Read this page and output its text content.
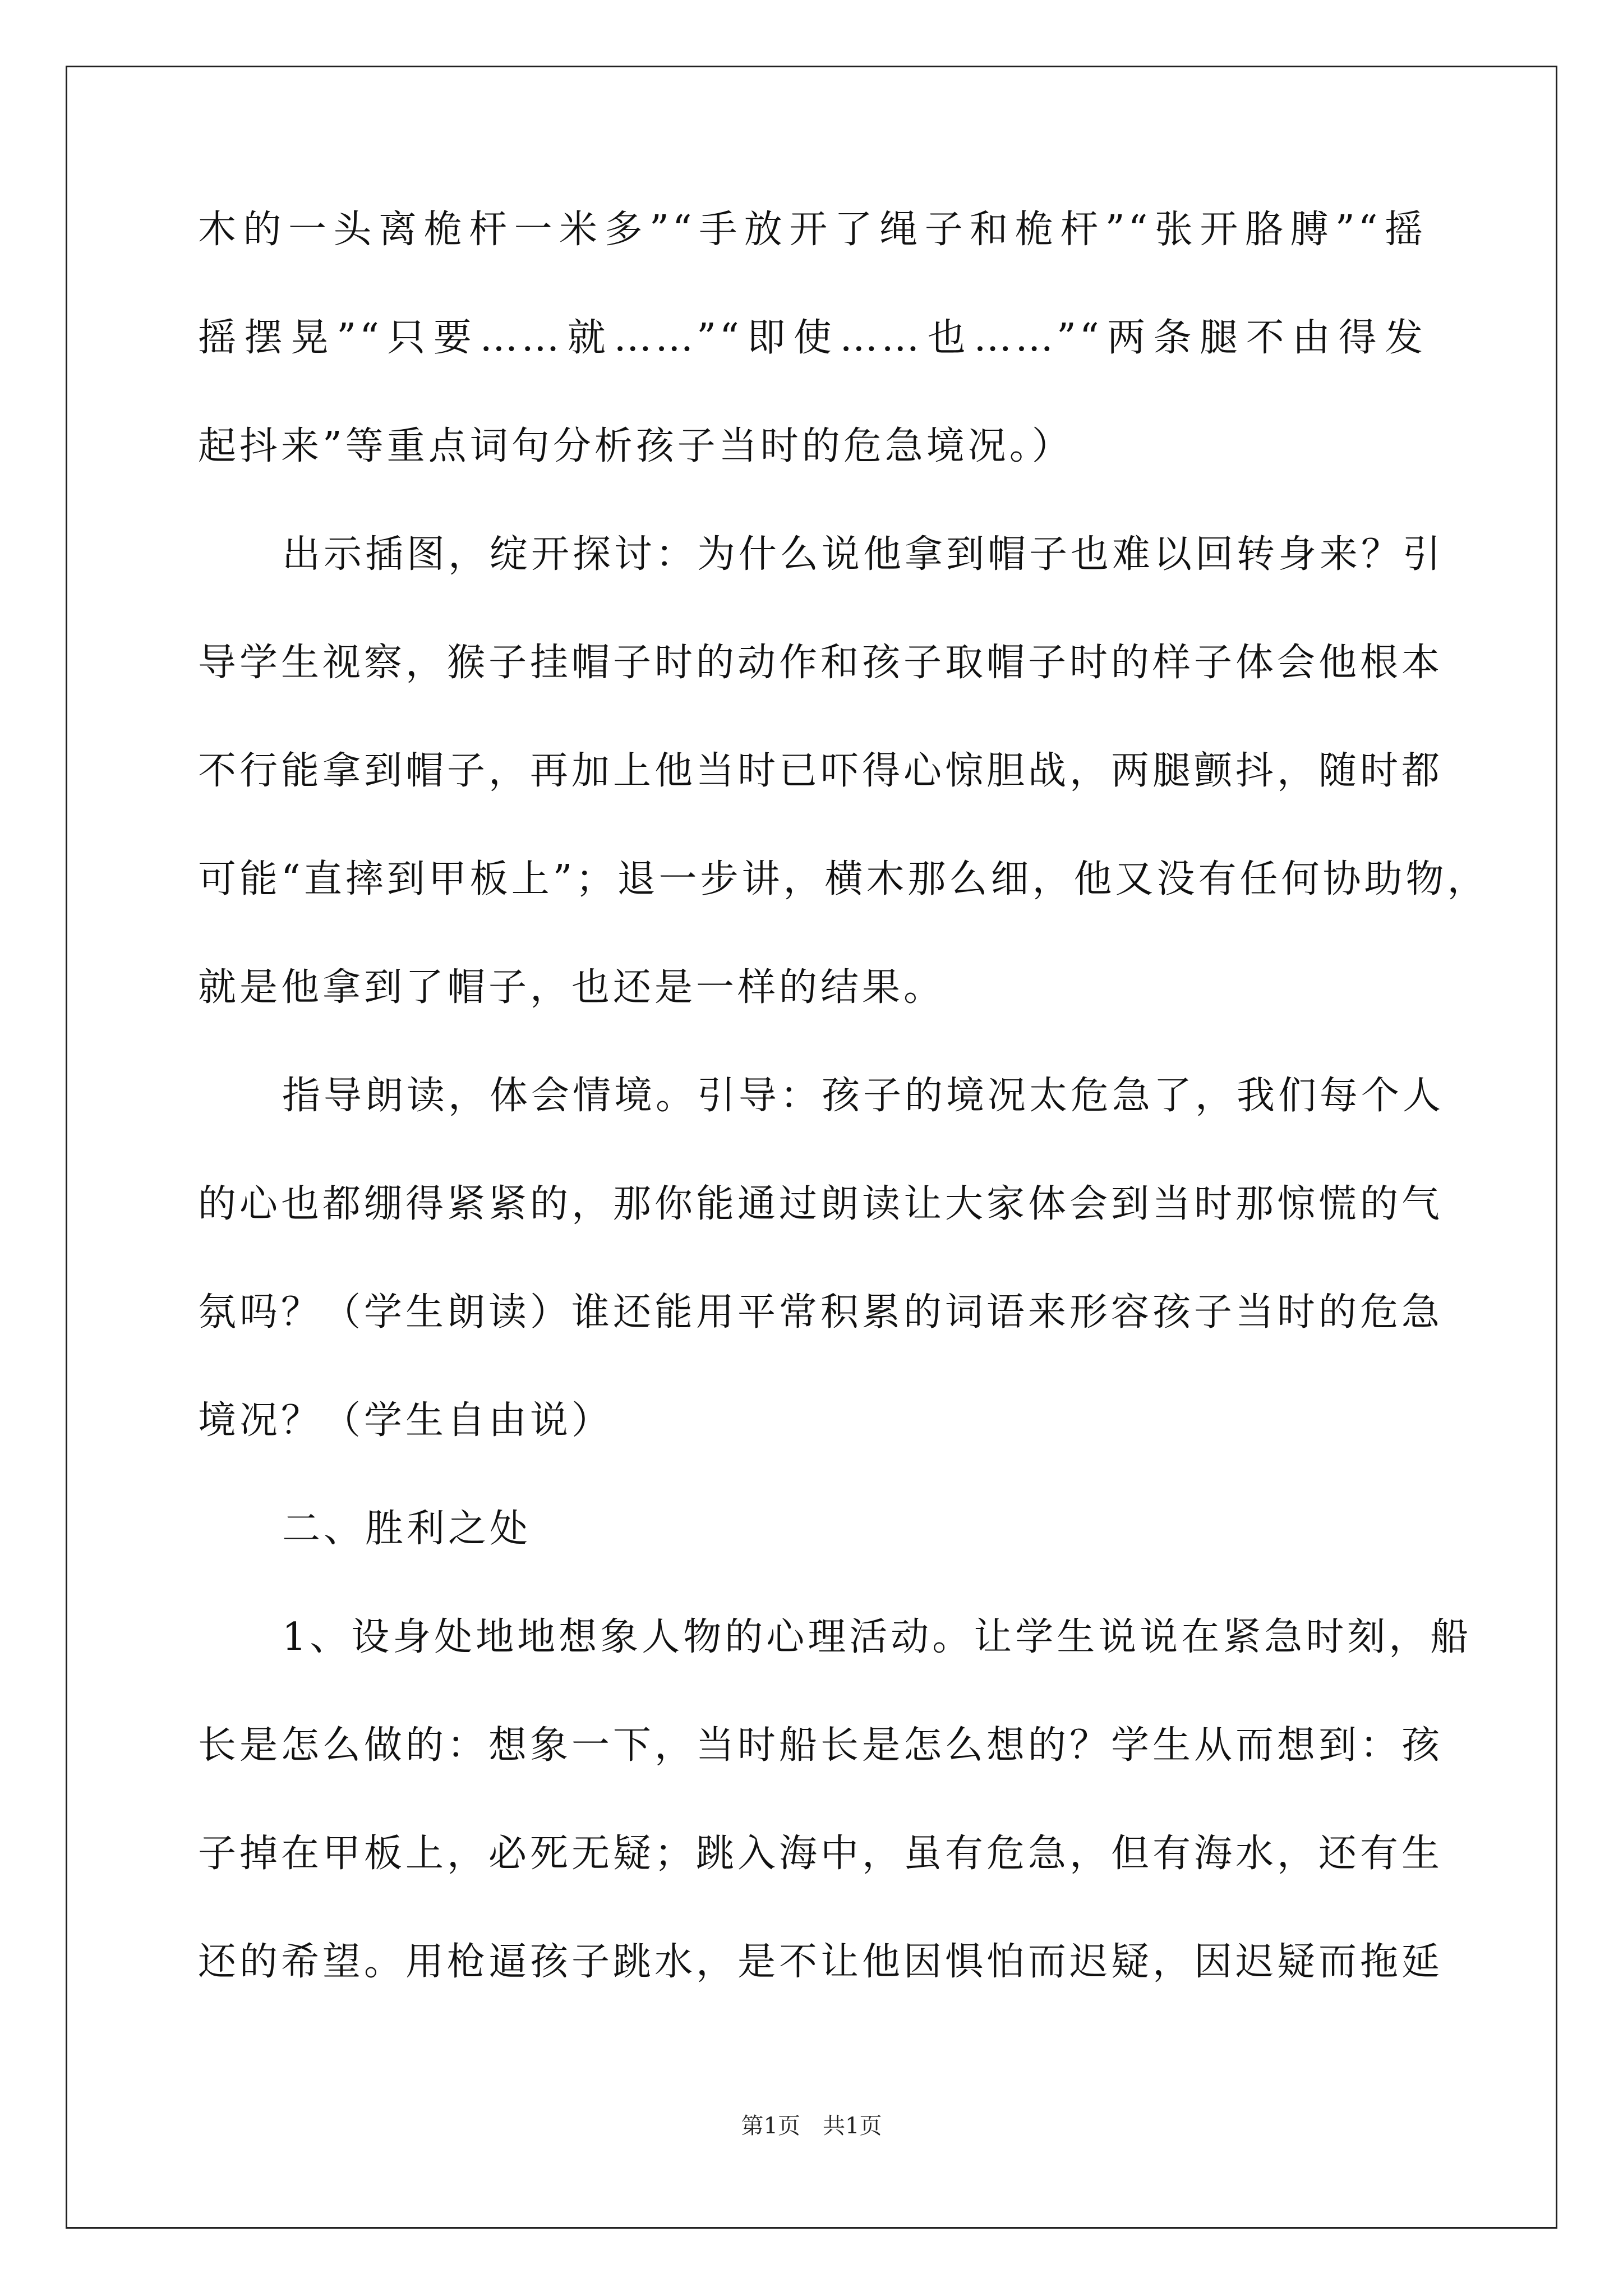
木的一头离桅杆一米多”“手放开了绳子和桅杆”“张开胳膊”“摇
摇摆晃”“只要……就……”“即使……也……”“两条腿不由得发
起抖来”等重点词句分析孩子当时的危急境况。）
出示插图，绽开探讨：为什么说他拿到帽子也难以回转身来？引
导学生视察，猴子挂帽子时的动作和孩子取帽子时的样子体会他根本
不行能拿到帽子，再加上他当时已吓得心惊胆战，两腿颤抖，随时都
可能“直摔到甲板上”；退一步讲，横木那么细，他又没有任何协助物，
就是他拿到了帽子，也还是一样的结果。
指导朗读，体会情境。引导：孩子的境况太危急了，我们每个人
的心也都绷得紧紧的，那你能通过朗读让大家体会到当时那惊慌的气
氛吗？（学生朗读）谁还能用平常积累的词语来形容孩子当时的危急
境况？（学生自由说）
二、胜利之处
1、设身处地地想象人物的心理活动。让学生说说在紧急时刻，船
长是怎么做的：想象一下，当时船长是怎么想的？学生从而想到：孩
子掉在甲板上，必死无疑；跳入海中，虽有危急，但有海水，还有生
还的希望。用枪逼孩子跳水，是不让他因惧怕而迟疑，因迟疑而拖延
第1页　共1页
